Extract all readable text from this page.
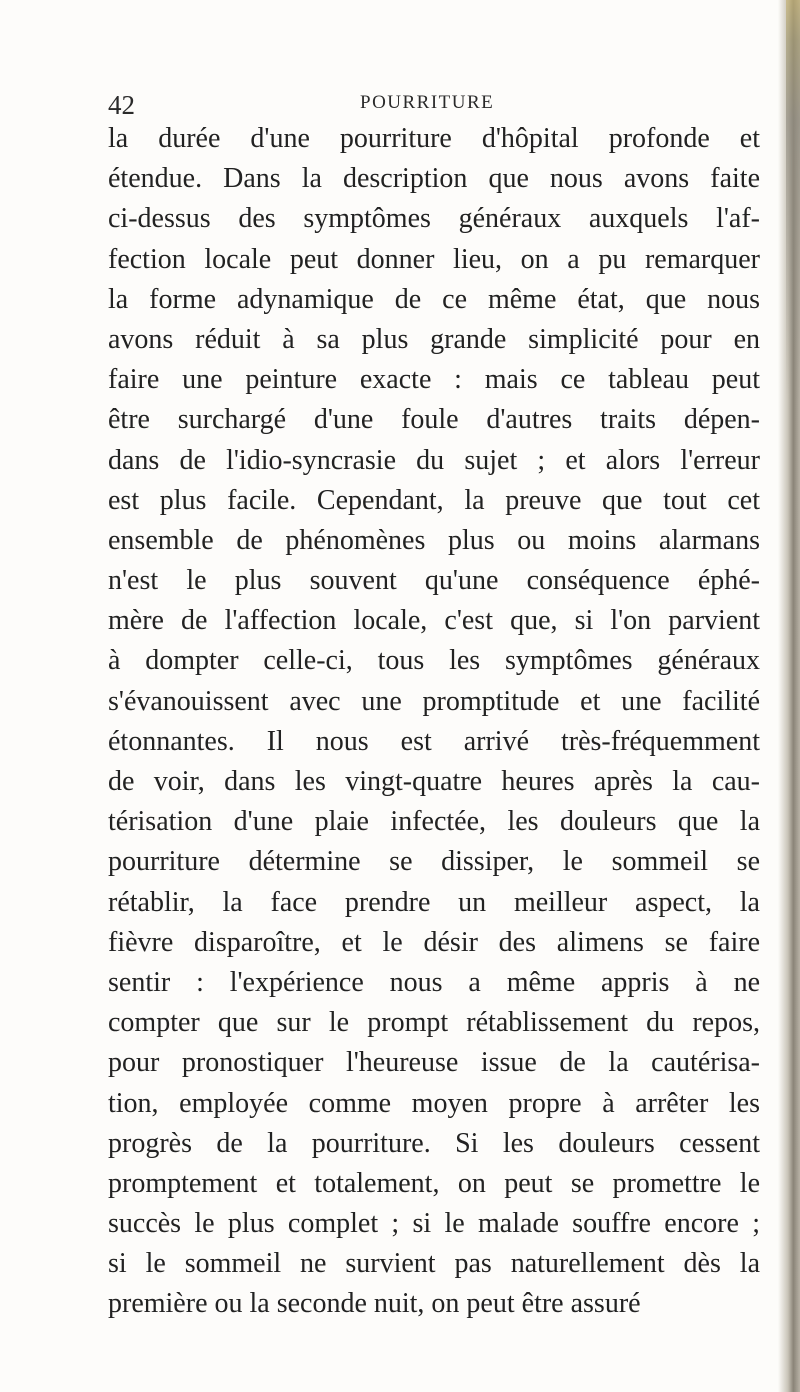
42	POURRITURE
la durée d'une pourriture d'hôpital profonde et
étendue. Dans la description que nous avons faite
ci-dessus des symptômes généraux auxquels l'af-
fection locale peut donner lieu, on a pu remarquer
la forme adynamique de ce même état, que nous
avons réduit à sa plus grande simplicité pour en
faire une peinture exacte : mais ce tableau peut
être surchargé d'une foule d'autres traits dépen-
dans de l'idio-syncrasie du sujet ; et alors l'erreur
est plus facile. Cependant, la preuve que tout cet
ensemble de phénomènes plus ou moins alarmans
n'est le plus souvent qu'une conséquence éphé-
mère de l'affection locale, c'est que, si l'on parvient
à dompter celle-ci, tous les symptômes généraux
s'évanouissent avec une promptitude et une facilité
étonnantes. Il nous est arrivé très-fréquemment
de voir, dans les vingt-quatre heures après la cau-
térisation d'une plaie infectée, les douleurs que la
pourriture détermine se dissiper, le sommeil se
rétablir, la face prendre un meilleur aspect, la
fièvre disparoître, et le désir des alimens se faire
sentir : l'expérience nous a même appris à ne
compter que sur le prompt rétablissement du repos,
pour pronostiquer l'heureuse issue de la cautérisa-
tion, employée comme moyen propre à arrêter les
progrès de la pourriture. Si les douleurs cessent
promptement et totalement, on peut se promettre le
succès le plus complet ; si le malade souffre encore ;
si le sommeil ne survient pas naturellement dès la
première ou la seconde nuit, on peut être assuré
